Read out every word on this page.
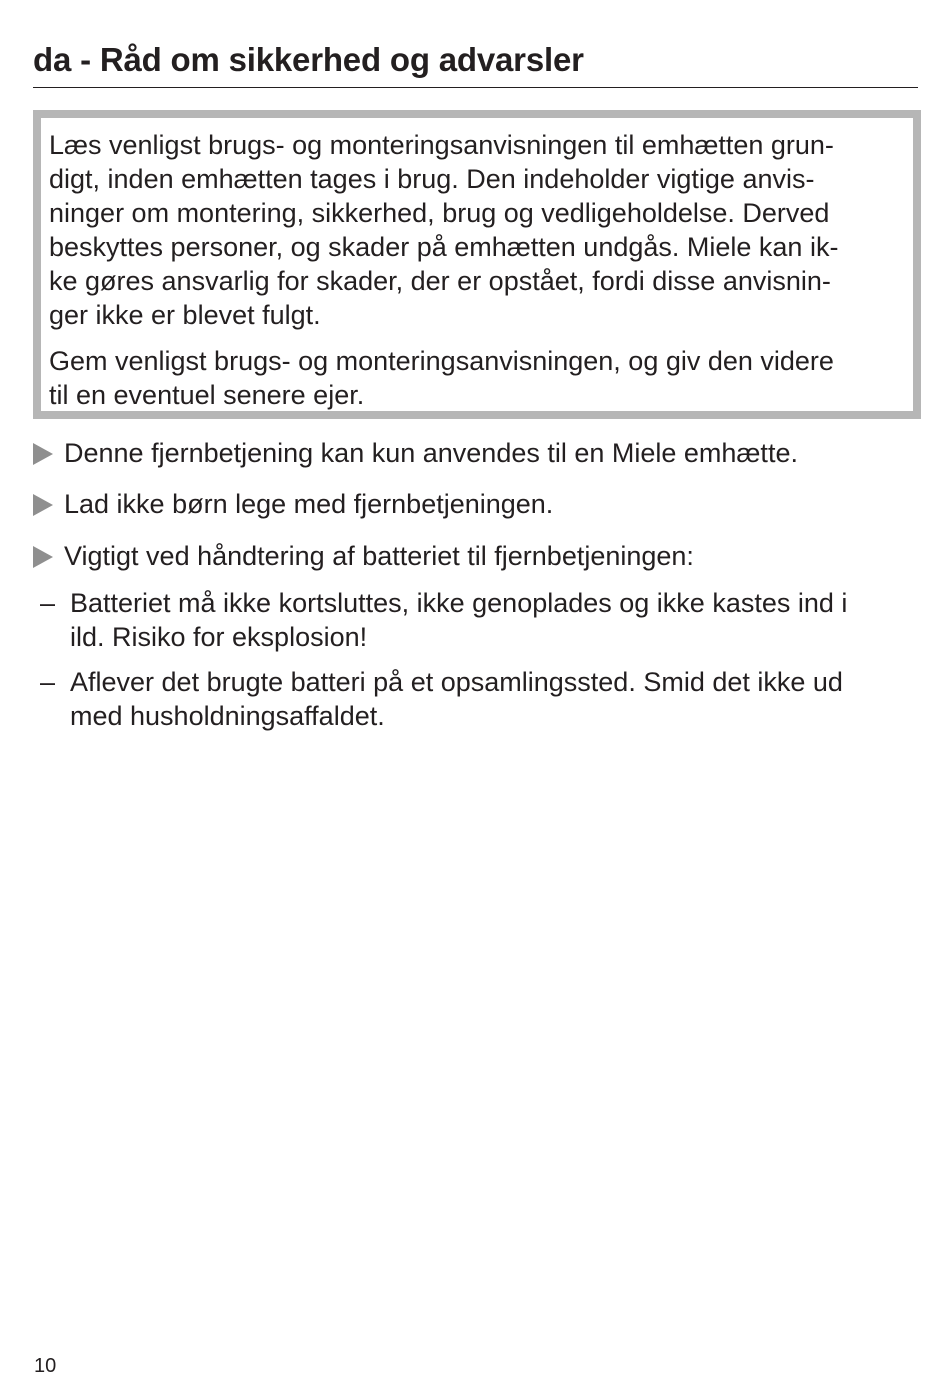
da - Råd om sikkerhed og advarsler

Læs venligst brugs- og monteringsanvisningen til emhætten grun-
digt, inden emhætten tages i brug. Den indeholder vigtige anvis-
ninger om montering, sikkerhed, brug og vedligeholdelse. Derved
beskyttes personer, og skader på emhætten undgås. Miele kan ik-
ke gøres ansvarlig for skader, der er opstået, fordi disse anvisnin-
ger ikke er blevet fulgt.

Gem venligst brugs- og monteringsanvisningen, og giv den videre
til en eventuel senere ejer.

Denne fjernbetjening kan kun anvendes til en Miele emhætte.
Lad ikke børn lege med fjernbetjeningen.
Vigtigt ved håndtering af batteriet til fjernbetjeningen:
– Batteriet må ikke kortsluttes, ikke genoplades og ikke kastes ind i
ild. Risiko for eksplosion!
– Aflever det brugte batteri på et opsamlingssted. Smid det ikke ud
med husholdningsaffaldet.
10
